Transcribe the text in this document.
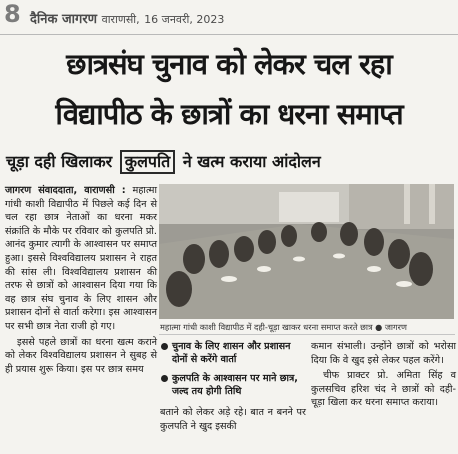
8 दैनिक जागरण वाराणसी, 16 जनवरी, 2023
छात्रसंघ चुनाव को लेकर चल रहा
विद्यापीठ के छात्रों का धरना समाप्त
चूड़ा दही खिलाकर कुलपति ने खत्म कराया आंदोलन

जागरण संवाददाता, वाराणसी : महात्मा गांधी काशी विद्यापीठ में पिछले कई दिन से चल रहा छात्र नेताओं का धरना मकर संक्रांति के मौके पर रविवार को कुलपति प्रो. आनंद कुमार त्यागी के आश्वासन पर समाप्त हुआ। इससे विश्वविद्यालय प्रशासन ने राहत की सांस ली। विश्वविद्यालय प्रशासन की तरफ से छात्रों को आश्वासन दिया गया कि वह छात्र संघ चुनाव के लिए शासन और प्रशासन दोनों से वार्ता करेगा। इस आश्वासन पर सभी छात्र नेता राजी हो गए।

इससे पहले छात्रों का धरना खत्म कराने को लेकर विश्वविद्यालय प्रशासन ने सुबह से ही प्रयास शुरू किया। इस पर छात्र समय

महात्मा गांधी काशी विद्यापीठ में दही-चूड़ा खाकर धरना समाप्त करते छात्र ● जागरण
चुनाव के लिए शासन और प्रशासन दोनों से करेंगे वार्ता
कुलपति के आश्वासन पर माने छात्र, जल्द तय होगी तिथि

बताने को लेकर अड़े रहे। बात न बनने पर कुलपति ने खुद इसकी

कमान संभाली। उन्होंने छात्रों को भरोसा दिया कि वे खुद इसे लेकर पहल करेंगे।

चीफ प्राक्टर प्रो. अमिता सिंह व कुलसचिव हरिश चंद ने छात्रों को दही-चूड़ा खिला कर धरना समाप्त कराया।
